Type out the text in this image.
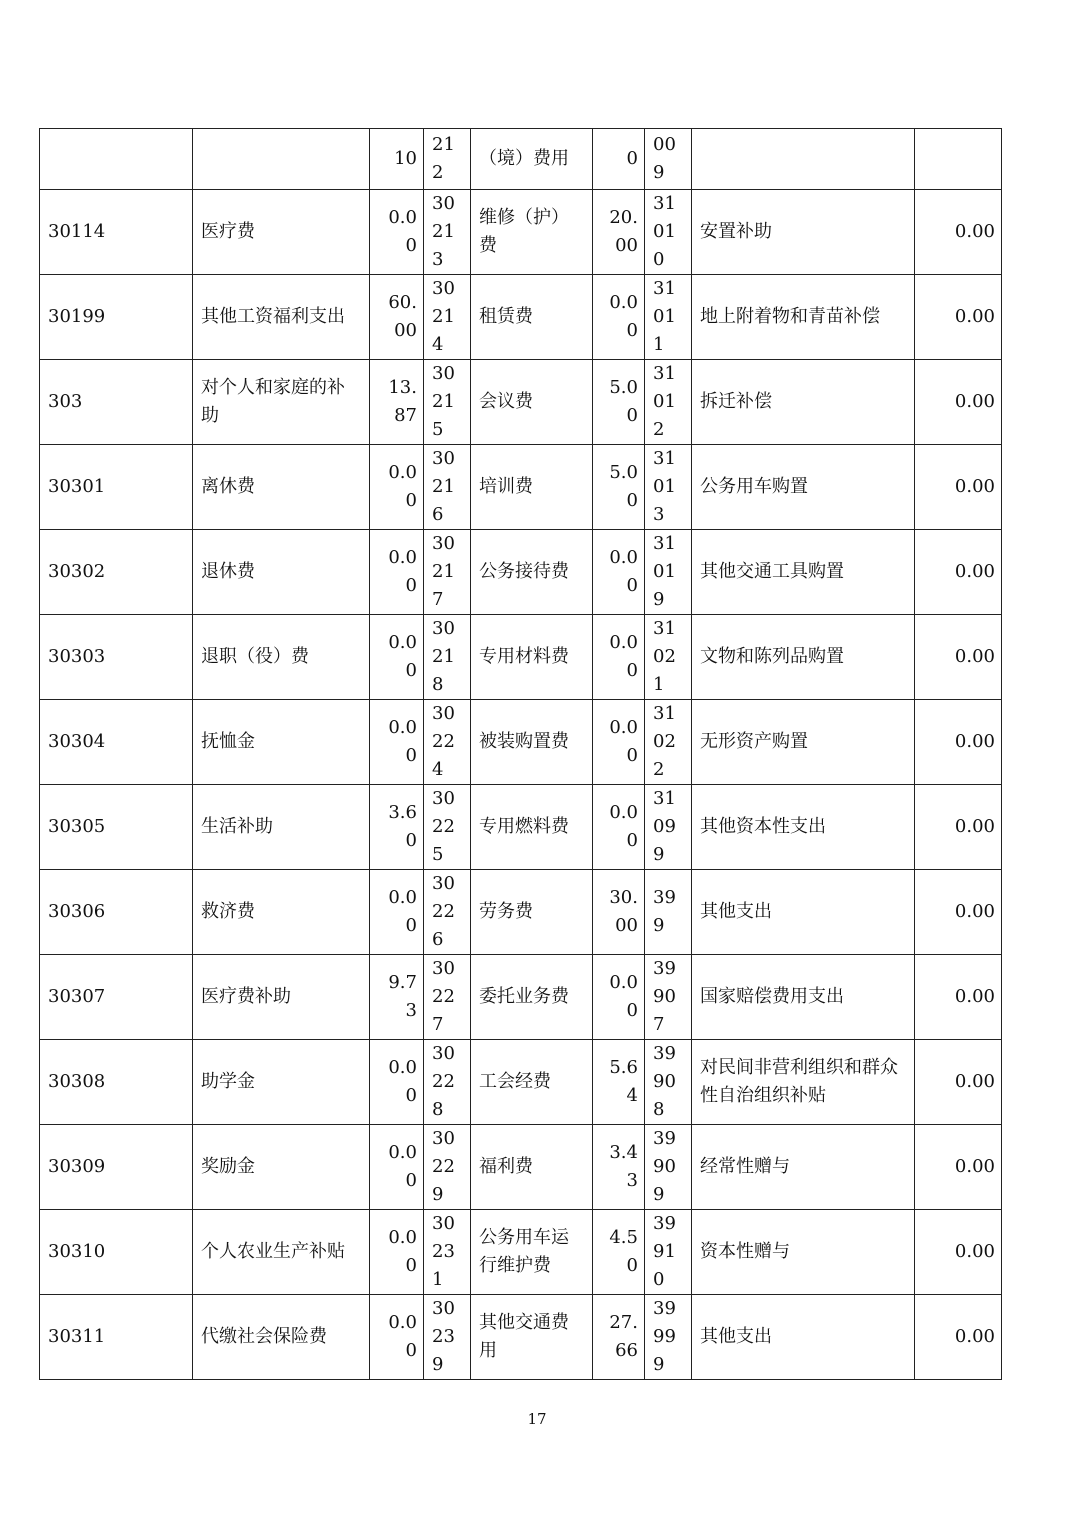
		10	212	（境）费用	0	009		
30114	医疗费	0.00	30213	维修（护）费	20.00	31010	安置补助	0.00
30199	其他工资福利支出	60.00	30214	租赁费	0.00	31011	地上附着物和青苗补偿	0.00
303	对个人和家庭的补助	13.87	30215	会议费	5.00	31012	拆迁补偿	0.00
30301	离休费	0.00	30216	培训费	5.00	31013	公务用车购置	0.00
30302	退休费	0.00	30217	公务接待费	0.00	31019	其他交通工具购置	0.00
30303	退职（役）费	0.00	30218	专用材料费	0.00	31021	文物和陈列品购置	0.00
30304	抚恤金	0.00	30224	被装购置费	0.00	31022	无形资产购置	0.00
30305	生活补助	3.60	30225	专用燃料费	0.00	31099	其他资本性支出	0.00
30306	救济费	0.00	30226	劳务费	30.00	399	其他支出	0.00
30307	医疗费补助	9.73	30227	委托业务费	0.00	39907	国家赔偿费用支出	0.00
30308	助学金	0.00	30228	工会经费	5.64	39908	对民间非营利组织和群众性自治组织补贴	0.00
30309	奖励金	0.00	30229	福利费	3.43	39909	经常性赠与	0.00
30310	个人农业生产补贴	0.00	30231	公务用车运行维护费	4.50	39910	资本性赠与	0.00
30311	代缴社会保险费	0.00	30239	其他交通费用	27.66	39999	其他支出	0.00
17
